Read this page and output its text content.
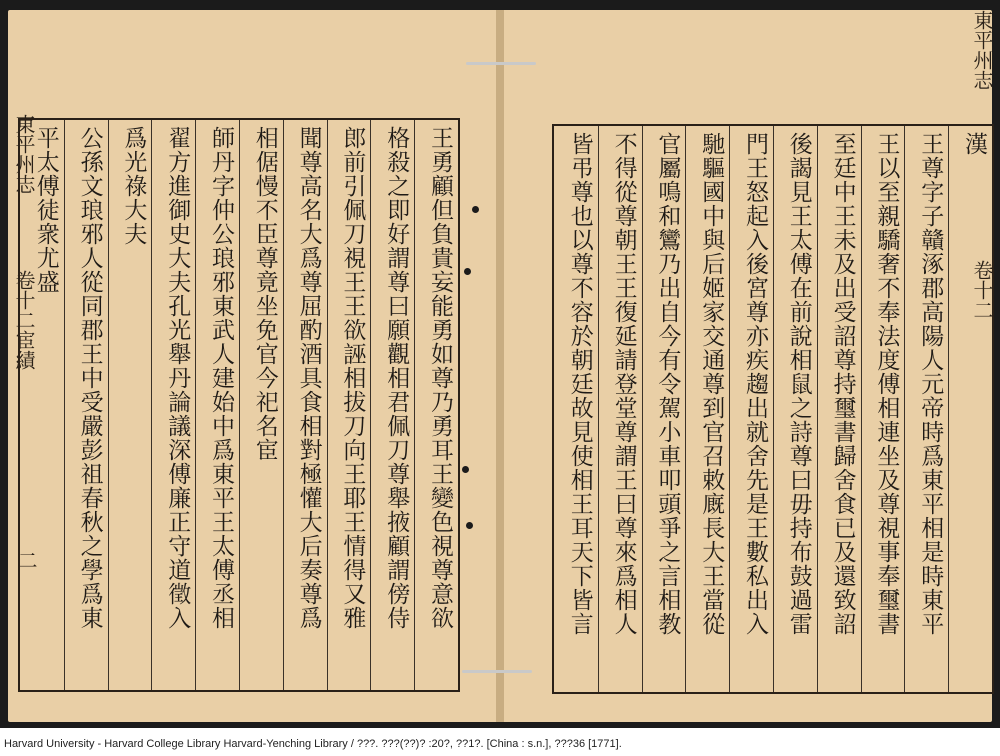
王勇顧但負貴妄能勇如尊乃勇耳王變色視尊意欲
格殺之即好謂尊曰願觀相君佩刀尊舉掖顧謂傍侍
郎前引佩刀視王王欲誣相拔刀向王耶王情得又雅
聞尊高名大爲尊屈酌酒具食相對極懽大后奏尊爲
相倨慢不臣尊竟坐免官今祀名宦
師丹字仲公琅邪東武人建始中爲東平王太傅丞相
翟方進御史大夫孔光舉丹論議深傅廉正守道徵入
爲光祿大夫
公孫文琅邪人從同郡王中受嚴彭祖春秋之學爲東
平太傅徒衆尤盛
東平州志
卷十二宦績
二
漢
王尊字子贛涿郡高陽人元帝時爲東平相是時東平
王以至親驕奢不奉法度傅相連坐及尊視事奉璽書
至廷中王未及出受詔尊持璽書歸舍食已及還致詔
後謁見王太傅在前說相鼠之詩尊曰毋持布鼓過雷
門王怒起入後宮尊亦疾趨出就舍先是王數私出入
馳驅國中與后姬家交通尊到官召敕廐長大王當從
官屬鳴和鸞乃出自今有令駕小車叩頭爭之言相教
不得從尊朝王王復延請登堂尊謂王曰尊來爲相人
皆弔尊也以尊不容於朝廷故見使相王耳天下皆言
東平州志
卷十二
Harvard University - Harvard College Library Harvard-Yenching Library / ???. ???(??)? :20?, ??1?. [China : s.n.], ???36 [1771].
